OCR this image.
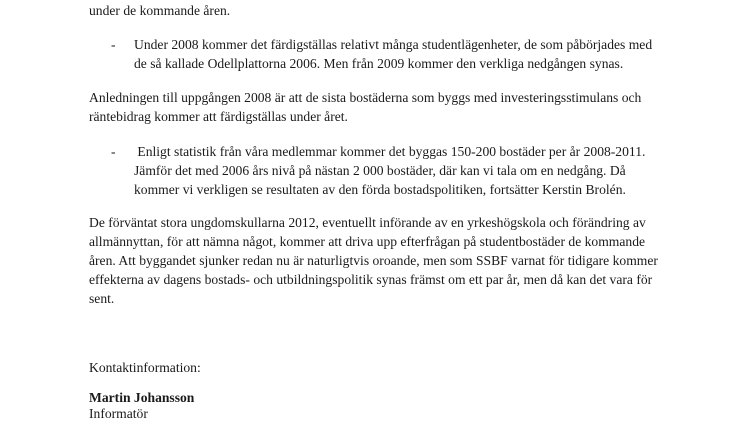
under de kommande åren.

- Under 2008 kommer det färdigställas relativt många studentlägenheter, de som påbörjades med

de så kallade Odellplattorna 2006. Men från 2009 kommer den verkliga nedgången synas.

Anledningen till uppgången 2008 är att de sista bostäderna som byggs med investeringsstimulans och

räntebidrag kommer att färdigställas under året.

- Enligt statistik från våra medlemmar kommer det byggas 150-200 bostäder per år 2008-2011.

Jämför det med 2006 års nivå på nästan 2 000 bostäder, där kan vi tala om en nedgång. Då

kommer vi verkligen se resultaten av den förda bostadspolitiken, fortsätter Kerstin Brolén.

De förväntat stora ungdomskullarna 2012, eventuellt införande av en yrkeshögskola och förändring av

allmännyttan, för att nämna något, kommer att driva upp efterfrågan på studentbostäder de kommande

åren. Att byggandet sjunker redan nu är naturligtvis oroande, men som SSBF varnat för tidigare kommer

effekterna av dagens bostads- och utbildningspolitik synas främst om ett par år, men då kan det vara för

sent.

Kontaktinformation:

Martin Johansson

Informatör
